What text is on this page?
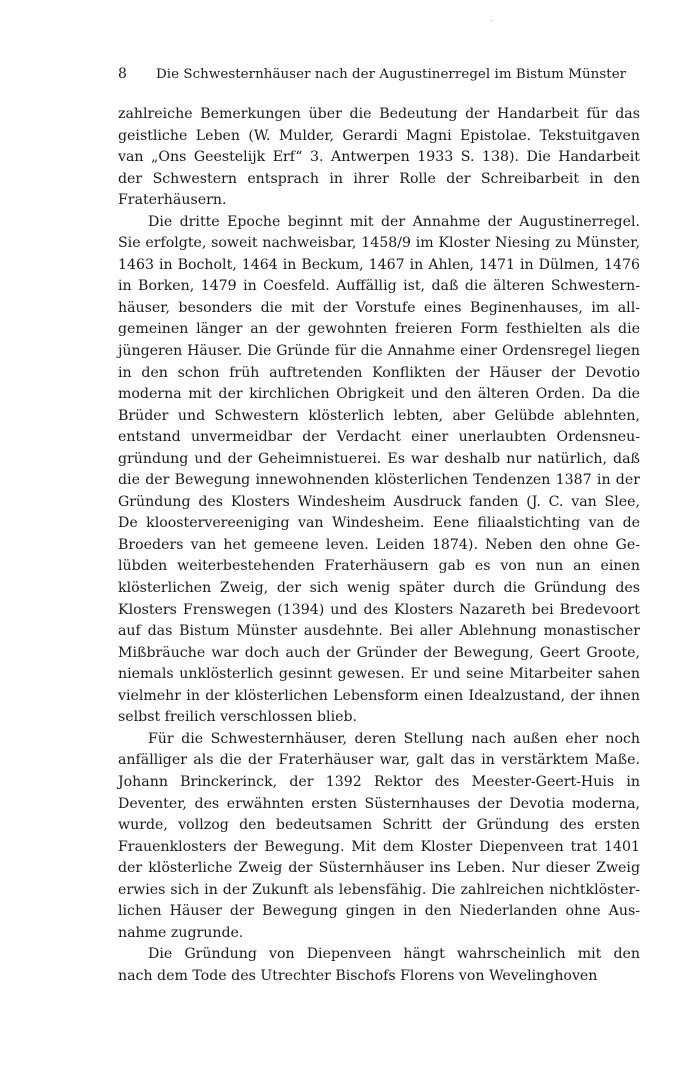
8	Die Schwesternhäuser nach der Augustinerregel im Bistum Münster
zahlreiche Bemerkungen über die Bedeutung der Handarbeit für das
geistliche Leben (W. Mulder, Gerardi Magni Epistolae. Tekstuitgaven
van „Ons Geestelijk Erf“ 3. Antwerpen 1933 S. 138). Die Handarbeit
der Schwestern entsprach in ihrer Rolle der Schreibarbeit in den
Fraterhäusern.
Die dritte Epoche beginnt mit der Annahme der Augustinerregel.
Sie erfolgte, soweit nachweisbar, 1458/9 im Kloster Niesing zu Münster,
1463 in Bocholt, 1464 in Beckum, 1467 in Ahlen, 1471 in Dülmen, 1476
in Borken, 1479 in Coesfeld. Auffällig ist, daß die älteren Schwestern-
häuser, besonders die mit der Vorstufe eines Beginenhauses, im all-
gemeinen länger an der gewohnten freieren Form festhielten als die
jüngeren Häuser. Die Gründe für die Annahme einer Ordensregel liegen
in den schon früh auftretenden Konflikten der Häuser der Devotio
moderna mit der kirchlichen Obrigkeit und den älteren Orden. Da die
Brüder und Schwestern klösterlich lebten, aber Gelübde ablehnten,
entstand unvermeidbar der Verdacht einer unerlaubten Ordensneu-
gründung und der Geheimnistuerei. Es war deshalb nur natürlich, daß
die der Bewegung innewohnenden klösterlichen Tendenzen 1387 in der
Gründung des Klosters Windesheim Ausdruck fanden (J. C. van Slee,
De kloostervereeniging van Windesheim. Eene filiaalstichting van de
Broeders van het gemeene leven. Leiden 1874). Neben den ohne Ge-
lübden weiterbestehenden Fraterhäusern gab es von nun an einen
klösterlichen Zweig, der sich wenig später durch die Gründung des
Klosters Frenswegen (1394) und des Klosters Nazareth bei Bredevoort
auf das Bistum Münster ausdehnte. Bei aller Ablehnung monastischer
Mißbräuche war doch auch der Gründer der Bewegung, Geert Groote,
niemals unklösterlich gesinnt gewesen. Er und seine Mitarbeiter sahen
vielmehr in der klösterlichen Lebensform einen Idealzustand, der ihnen
selbst freilich verschlossen blieb.
Für die Schwesternhäuser, deren Stellung nach außen eher noch
anfälliger als die der Fraterhäuser war, galt das in verstärktem Maße.
Johann Brinckerinck, der 1392 Rektor des Meester-Geert-Huis in
Deventer, des erwähnten ersten Süsternhauses der Devotia moderna,
wurde, vollzog den bedeutsamen Schritt der Gründung des ersten
Frauenklosters der Bewegung. Mit dem Kloster Diepenveen trat 1401
der klösterliche Zweig der Süsternhäuser ins Leben. Nur dieser Zweig
erwies sich in der Zukunft als lebensfähig. Die zahlreichen nichtklöster-
lichen Häuser der Bewegung gingen in den Niederlanden ohne Aus-
nahme zugrunde.
Die Gründung von Diepenveen hängt wahrscheinlich mit den
nach dem Tode des Utrechter Bischofs Florens von Wevelinghoven
